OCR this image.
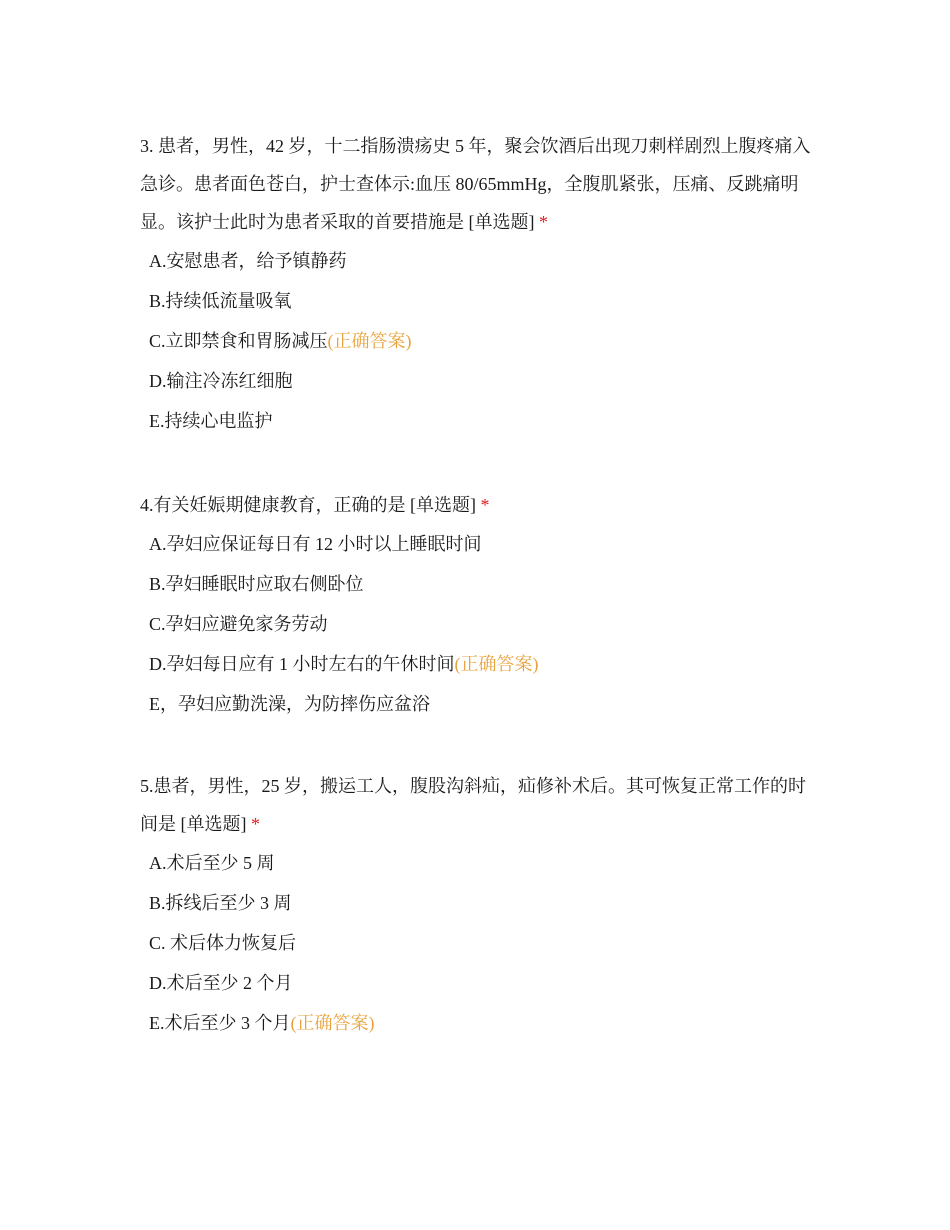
3. 患者，男性，42 岁，十二指肠溃疡史 5 年，聚会饮酒后出现刀刺样剧烈上腹疼痛入急诊。患者面色苍白，护士查体示:血压 80/65mmHg，全腹肌紧张，压痛、反跳痛明显。该护士此时为患者采取的首要措施是 [单选题] *

A.安慰患者，给予镇静药
B.持续低流量吸氧
C.立即禁食和胃肠减压(正确答案)
D.输注冷冻红细胞
E.持续心电监护

4.有关妊娠期健康教育，正确的是 [单选题] *

A.孕妇应保证每日有 12 小时以上睡眠时间
B.孕妇睡眠时应取右侧卧位
C.孕妇应避免家务劳动
D.孕妇每日应有 1 小时左右的午休时间(正确答案)
E，孕妇应勤洗澡，为防摔伤应盆浴

5.患者，男性，25 岁，搬运工人，腹股沟斜疝，疝修补术后。其可恢复正常工作的时间是 [单选题] *

A.术后至少 5 周
B.拆线后至少 3 周
C. 术后体力恢复后
D.术后至少 2 个月
E.术后至少 3 个月(正确答案)
